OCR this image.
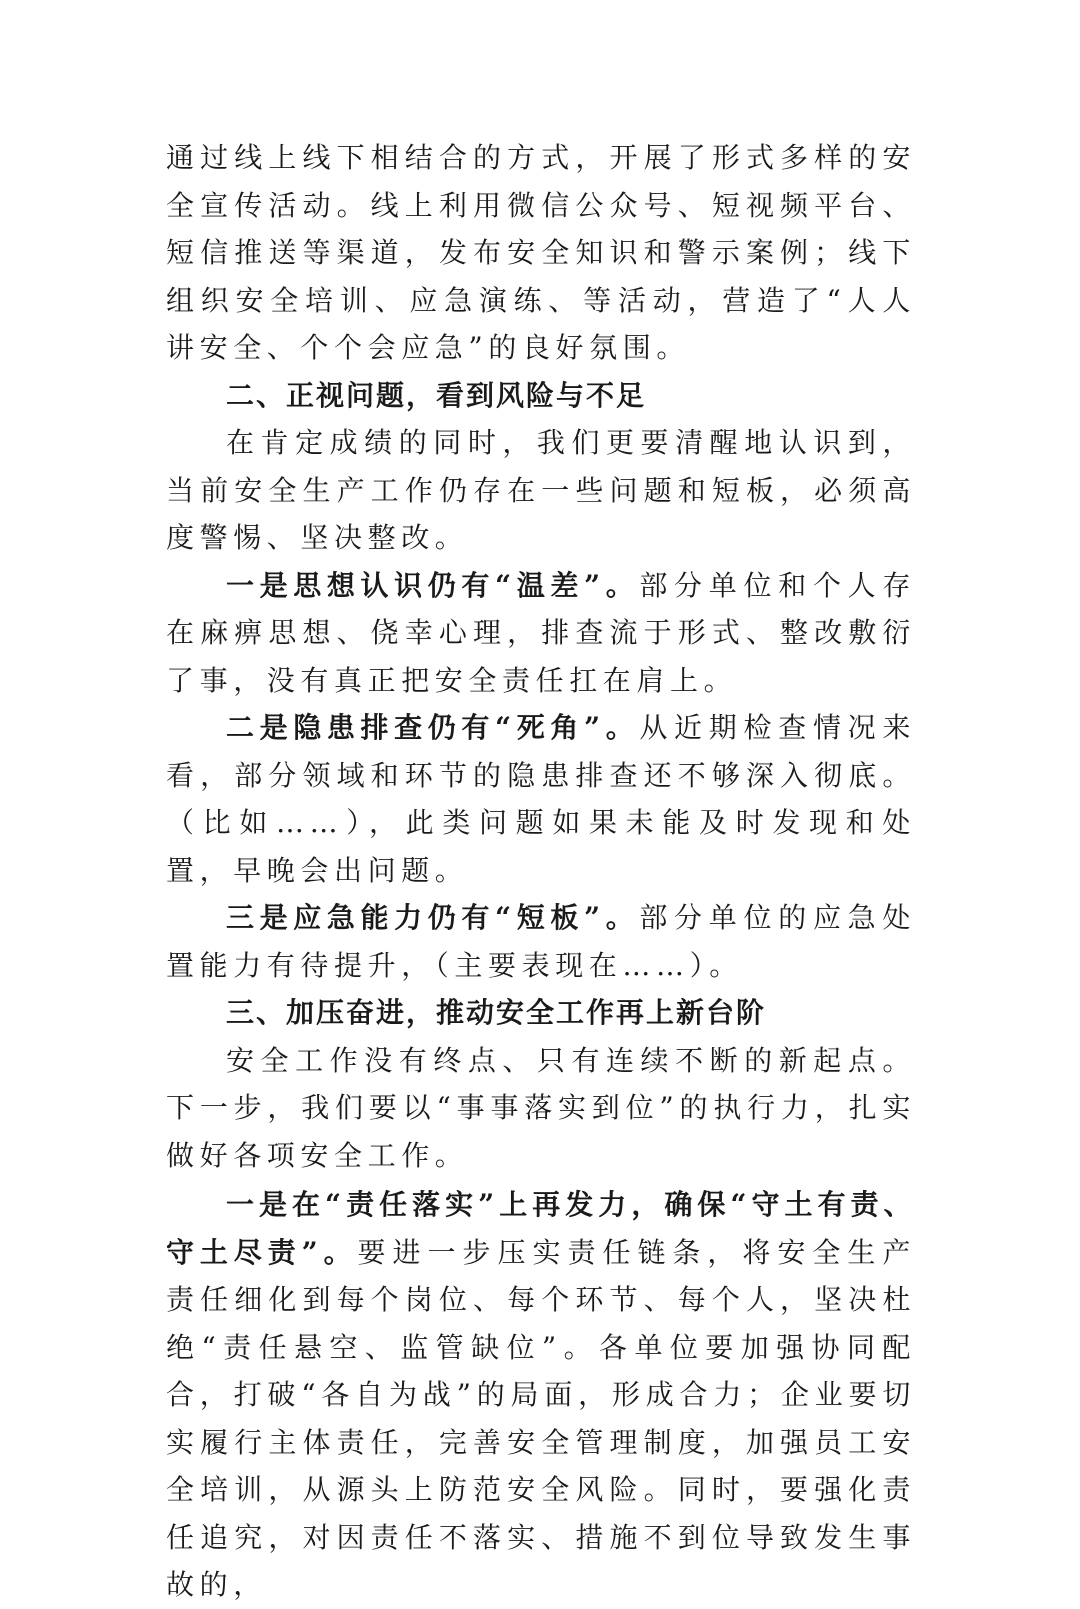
通过线上线下相结合的方式，开展了形式多样的安全宣传活动。线上利用微信公众号、短视频平台、短信推送等渠道，发布安全知识和警示案例；线下组织安全培训、应急演练、等活动，营造了“人人讲安全、个个会应急”的良好氛围。

二、正视问题，看到风险与不足

在肯定成绩的同时，我们更要清醒地认识到，当前安全生产工作仍存在一些问题和短板，必须高度警惕、坚决整改。

一是思想认识仍有“温差”。部分单位和个人存在麻痹思想、侥幸心理，排查流于形式、整改敷衍了事，没有真正把安全责任扛在肩上。

二是隐患排查仍有“死角”。从近期检查情况来看，部分领域和环节的隐患排查还不够深入彻底。（比如……），此类问题如果未能及时发现和处置，早晚会出问题。

三是应急能力仍有“短板”。部分单位的应急处置能力有待提升，（主要表现在……）。

三、加压奋进，推动安全工作再上新台阶

安全工作没有终点、只有连续不断的新起点。下一步，我们要以“事事落实到位”的执行力，扎实做好各项安全工作。

一是在“责任落实”上再发力，确保“守土有责、守土尽责”。要进一步压实责任链条，将安全生产责任细化到每个岗位、每个环节、每个人，坚决杜绝“责任悬空、监管缺位”。各单位要加强协同配合，打破“各自为战”的局面，形成合力；企业要切实履行主体责任，完善安全管理制度，加强员工安全培训，从源头上防范安全风险。同时，要强化责任追究，对因责任不落实、措施不到位导致发生事故的，
